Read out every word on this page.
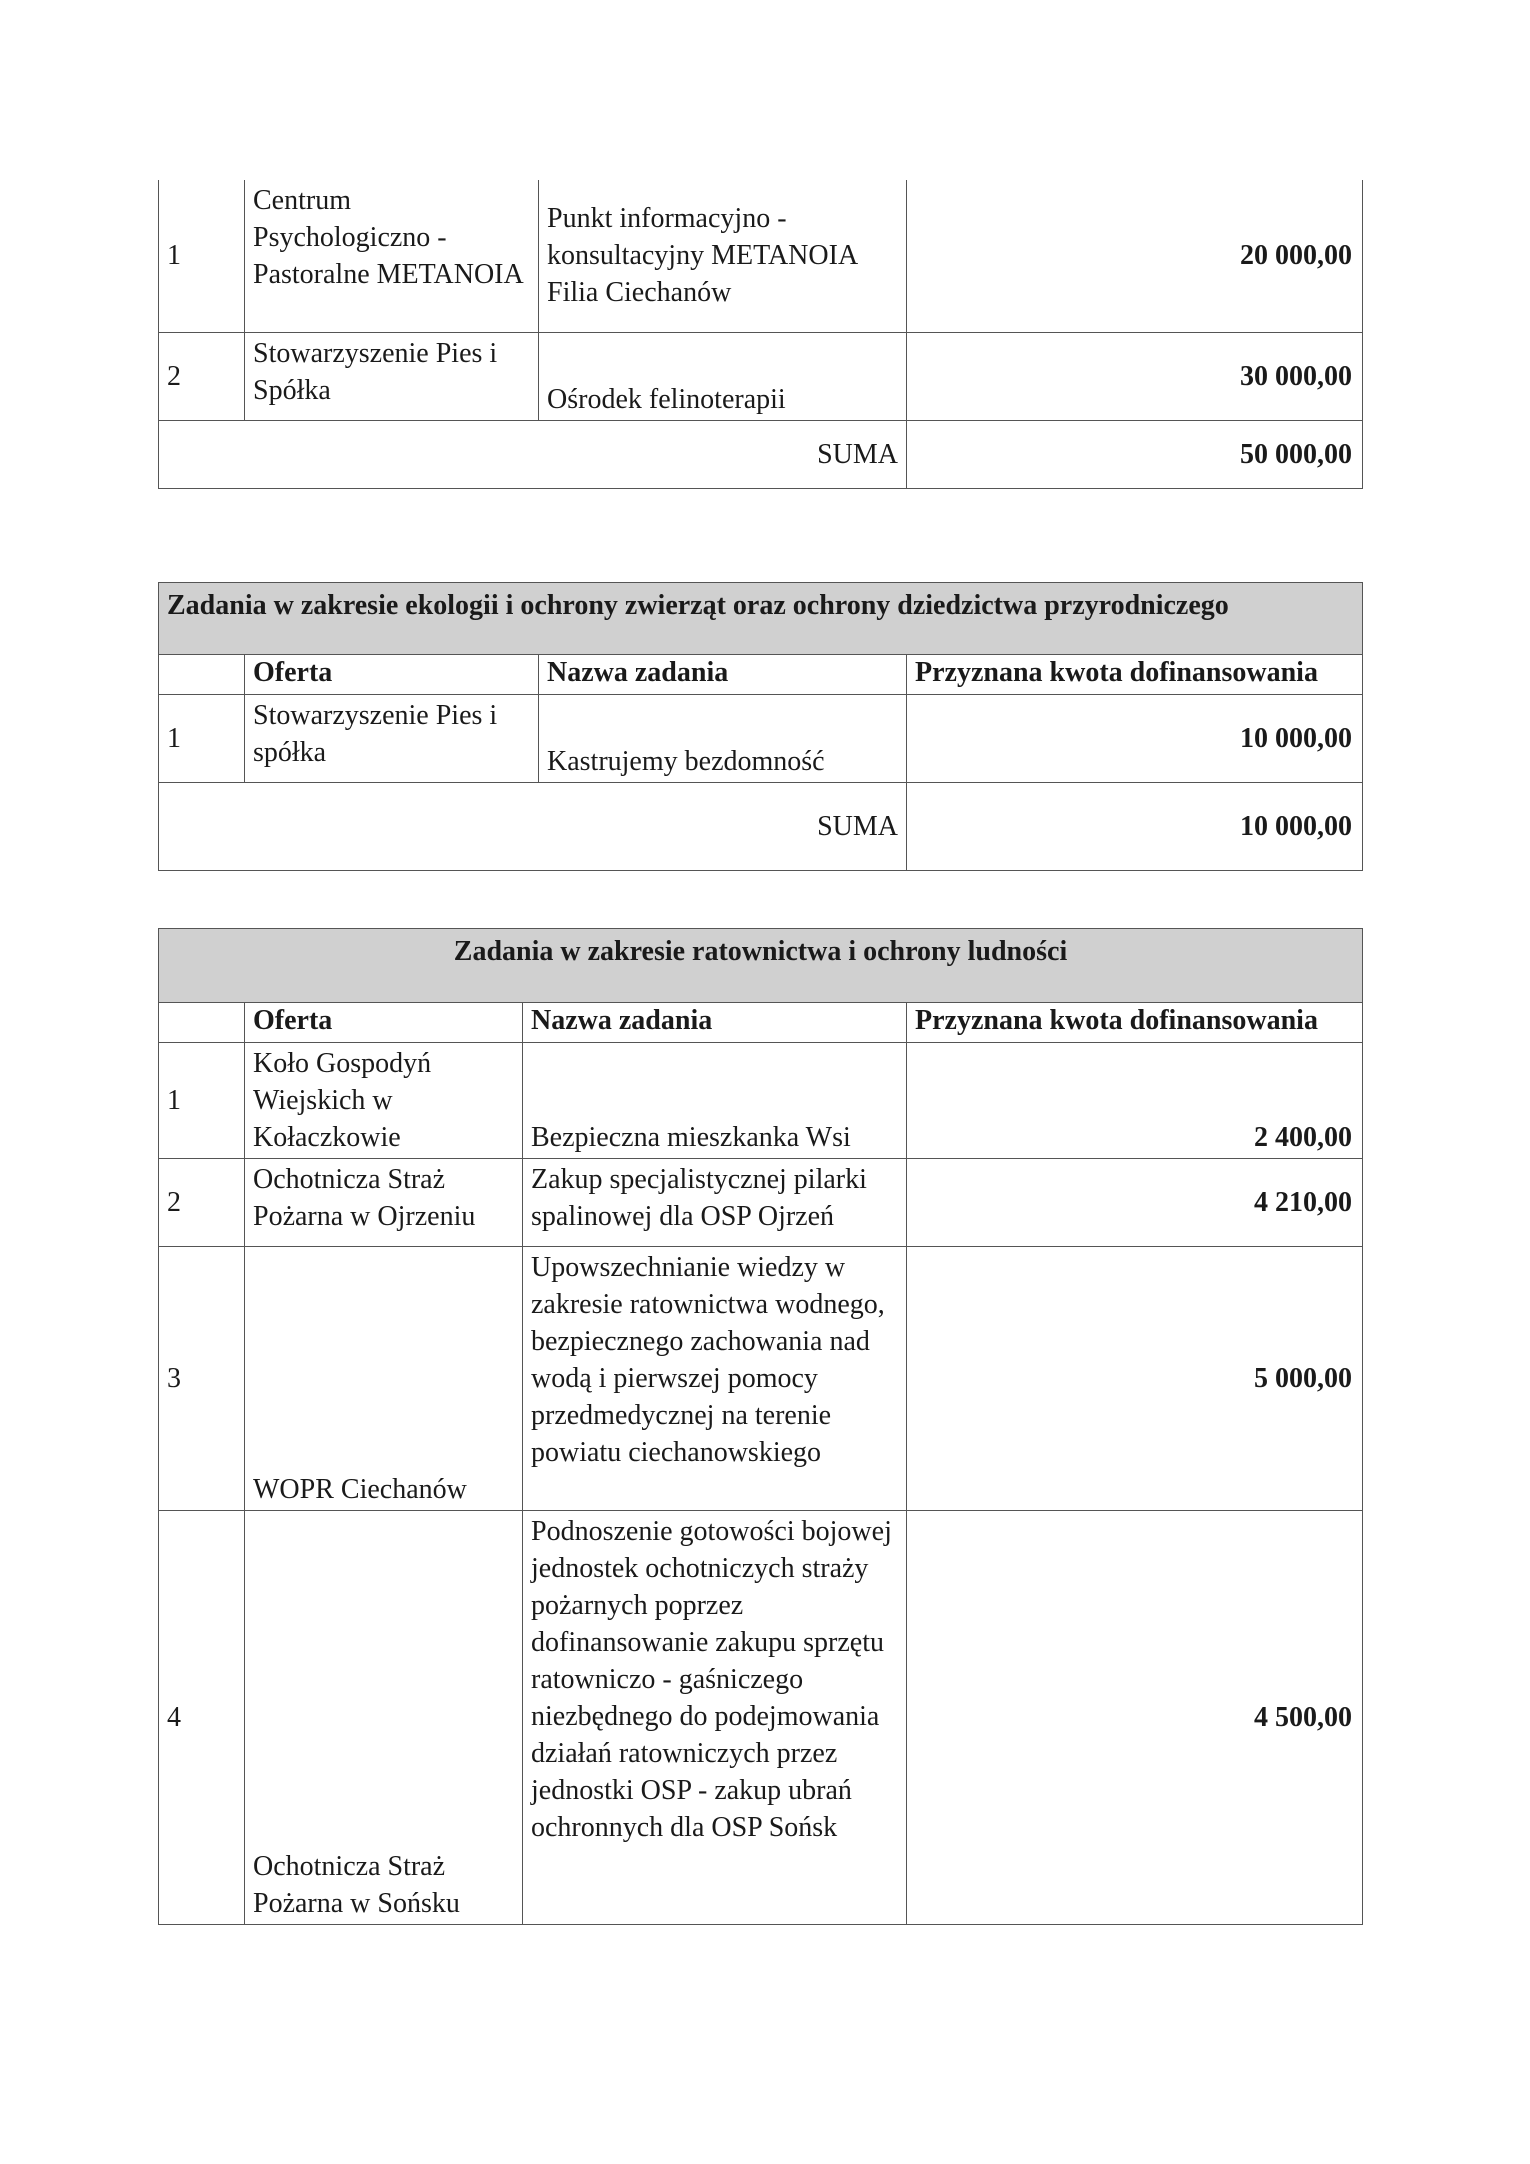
1	Centrum Psychologiczno - Pastoralne METANOIA	Punkt informacyjno - konsultacyjny METANOIA Filia Ciechanów	20 000,00
2	Stowarzyszenie Pies i Spółka	Ośrodek felinoterapii	30 000,00
SUMA			50 000,00
Zadania w zakresie ekologii i ochrony zwierząt oraz ochrony dziedzictwa przyrodniczego			
	Oferta	Nazwa zadania	Przyznana kwota dofinansowania
1	Stowarzyszenie Pies i spółka	Kastrujemy bezdomność	10 000,00
SUMA			10 000,00
Zadania w zakresie ratownictwa i ochrony ludności			
	Oferta	Nazwa zadania	Przyznana kwota dofinansowania
1	Koło Gospodyń Wiejskich w Kołaczkowie	Bezpieczna mieszkanka Wsi	2 400,00
2	Ochotnicza Straż Pożarna w Ojrzeniu	Zakup specjalistycznej pilarki spalinowej dla OSP Ojrzeń	4 210,00
3	WOPR Ciechanów	Upowszechnianie wiedzy w zakresie ratownictwa wodnego, bezpiecznego zachowania nad wodą i pierwszej pomocy przedmedycznej na terenie powiatu ciechanowskiego	5 000,00
4	Ochotnicza Straż Pożarna w Sońsku	Podnoszenie gotowości bojowej jednostek ochotniczych straży pożarnych poprzez dofinansowanie zakupu sprzętu ratowniczo - gaśniczego niezbędnego do podejmowania działań ratowniczych przez jednostki OSP - zakup ubrań ochronnych dla OSP Sońsk	4 500,00
